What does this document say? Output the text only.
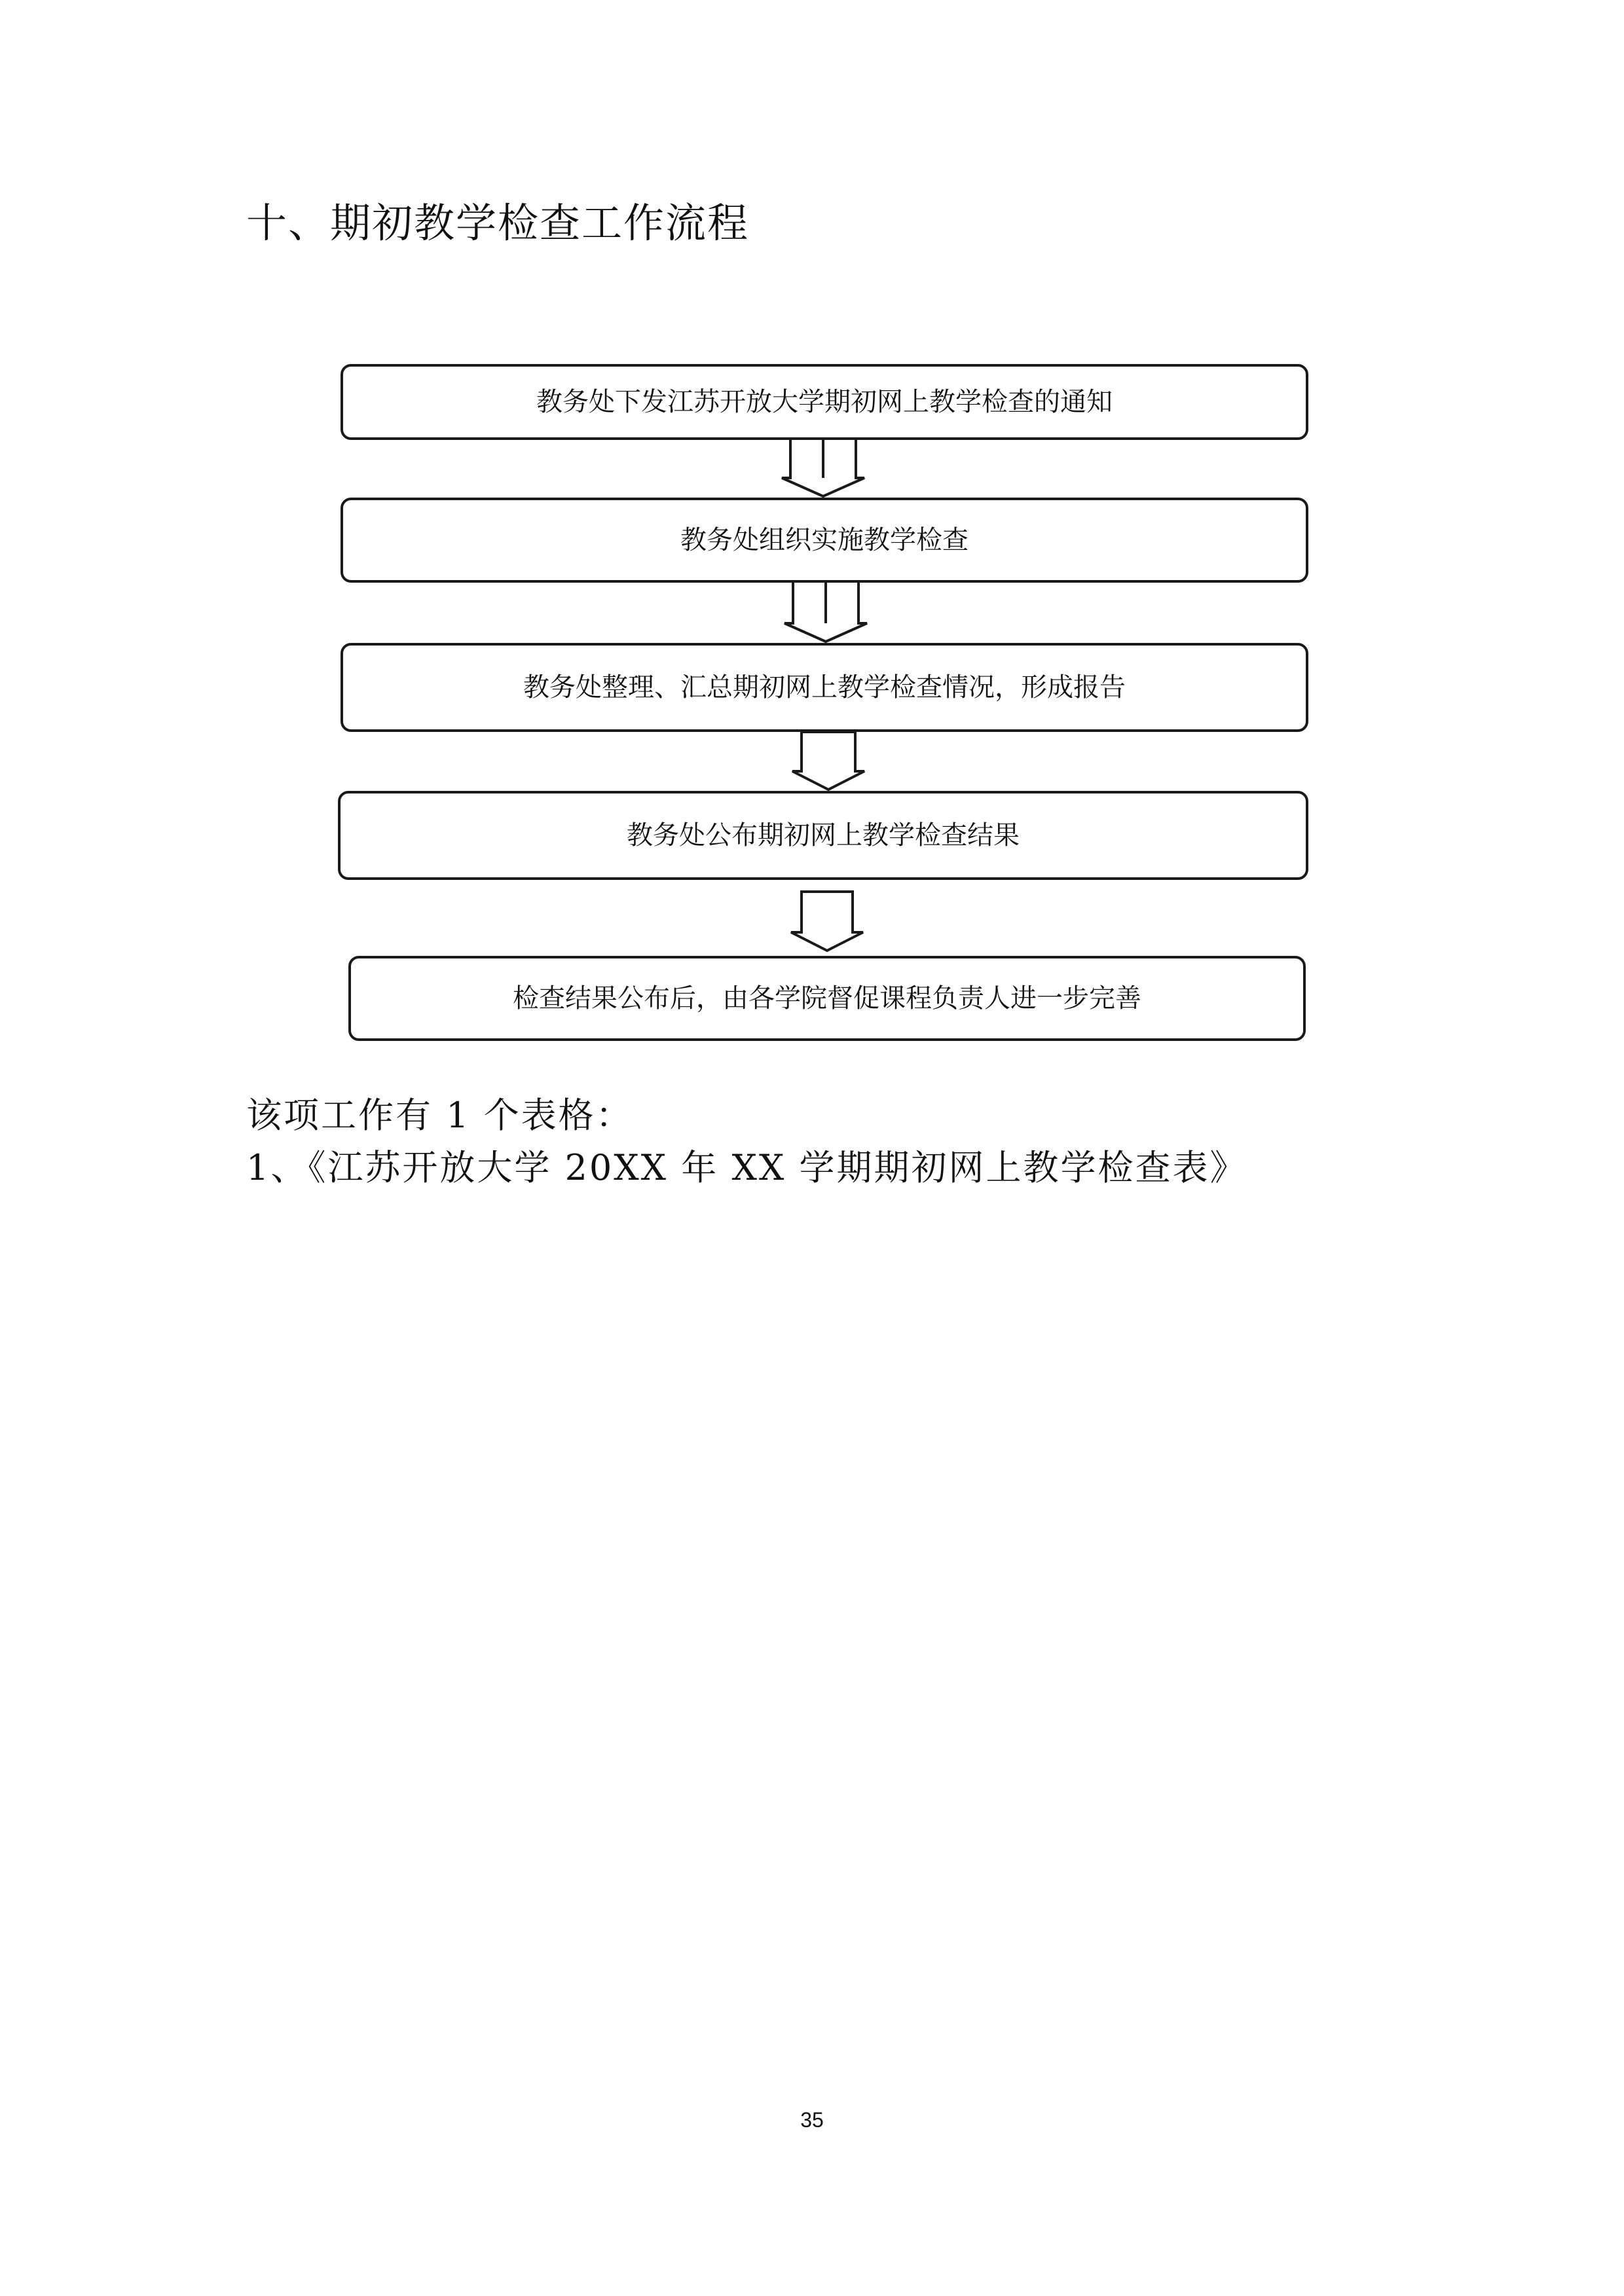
十、期初教学检查工作流程
教务处下发江苏开放大学期初网上教学检查的通知
教务处组织实施教学检查
教务处整理、汇总期初网上教学检查情况，形成报告
教务处公布期初网上教学检查结果
检查结果公布后，由各学院督促课程负责人进一步完善
该项工作有 1 个表格：
1、《江苏开放大学 20XX 年 XX 学期期初网上教学检查表》
35
